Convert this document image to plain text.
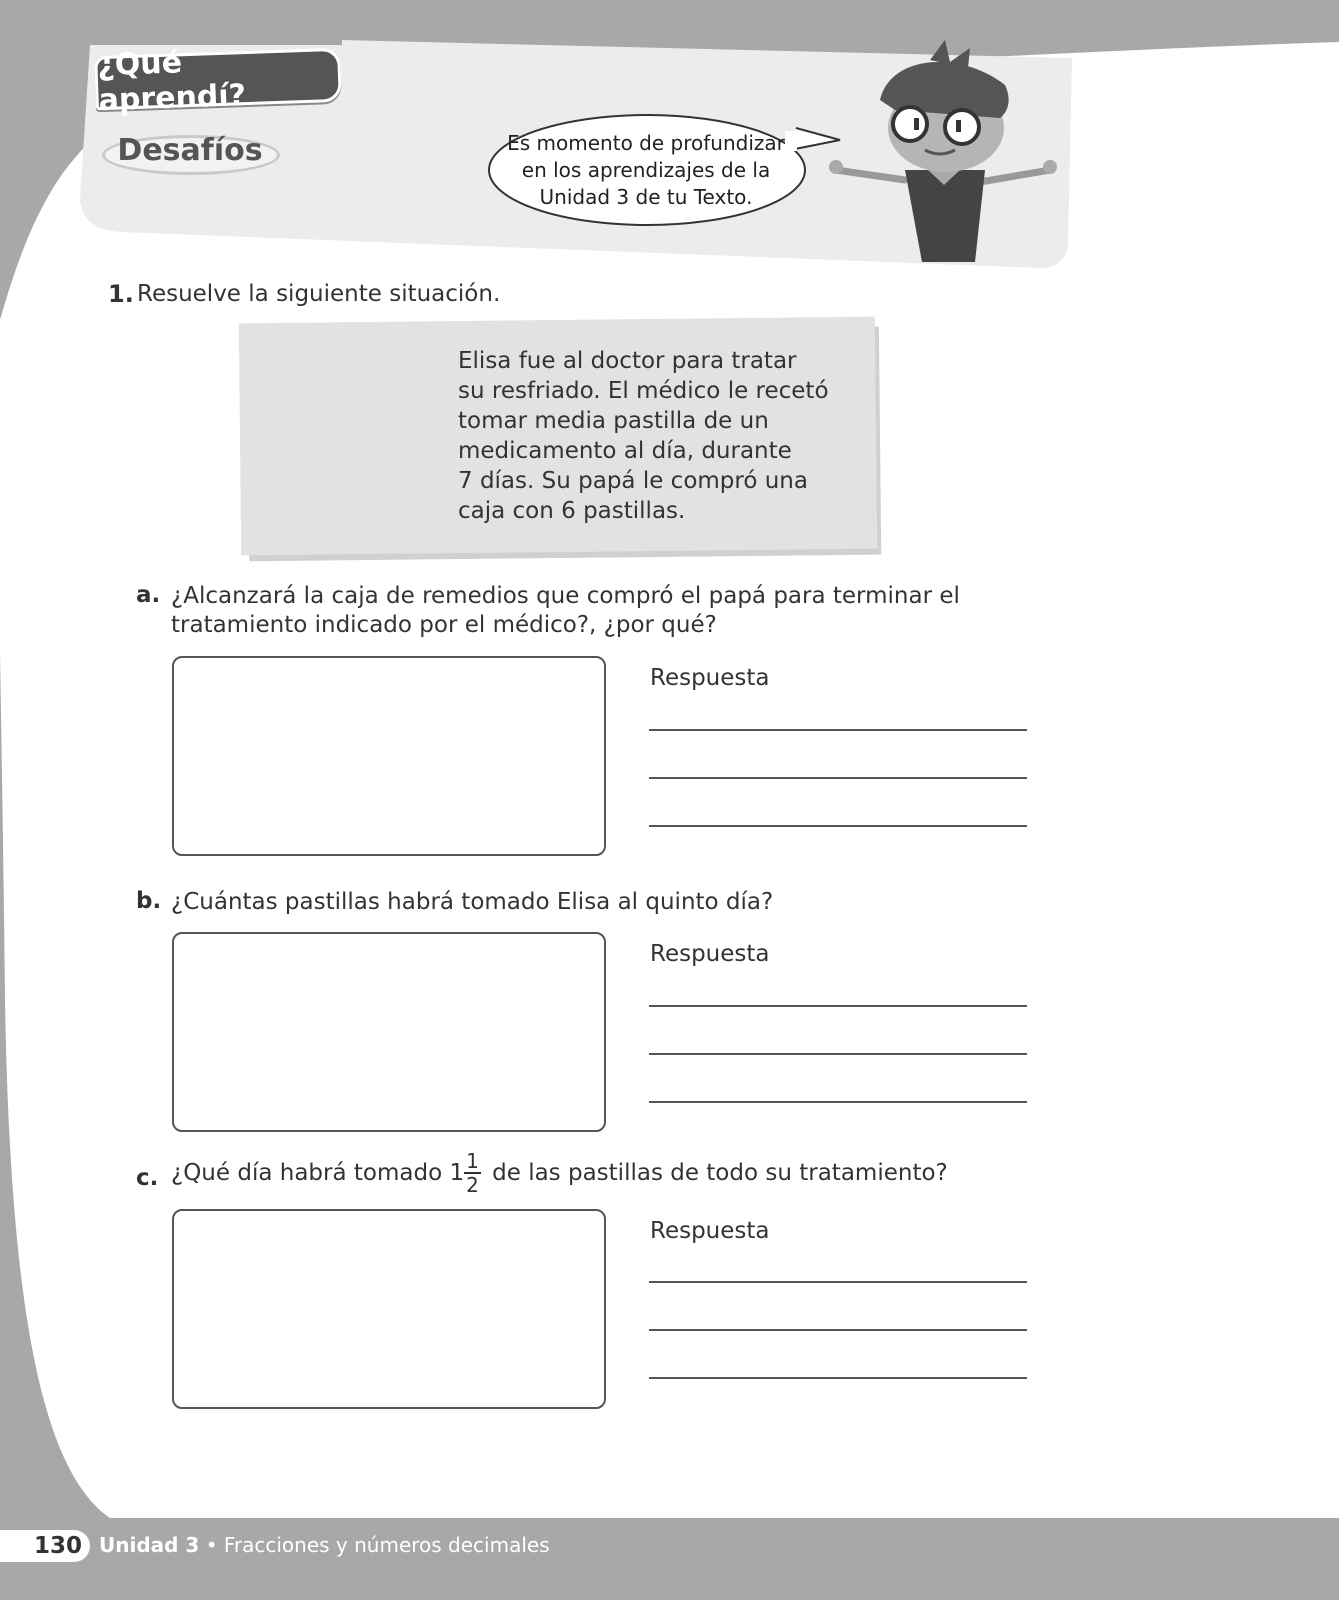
¿Qué aprendí?
Desafíos	Es momento de profundizar en los aprendizajes de la Unidad 3 de tu Texto.
1. Resuelve la siguiente situación.
Elisa fue al doctor para tratar
su resfriado. El médico le recetó
tomar media pastilla de un
medicamento al día, durante
7 días. Su papá le compró una
caja con 6 pastillas.
a. ¿Alcanzará la caja de remedios que compró el papá para terminar el tratamiento indicado por el médico?, ¿por qué?
Respuesta
b. ¿Cuántas pastillas habrá tomado Elisa al quinto día?
Respuesta
c. ¿Qué día habrá tomado $1 \frac{1}{2}$ de las pastillas de todo su tratamiento?
Respuesta
130 Unidad 3 • Fracciones y números decimales
